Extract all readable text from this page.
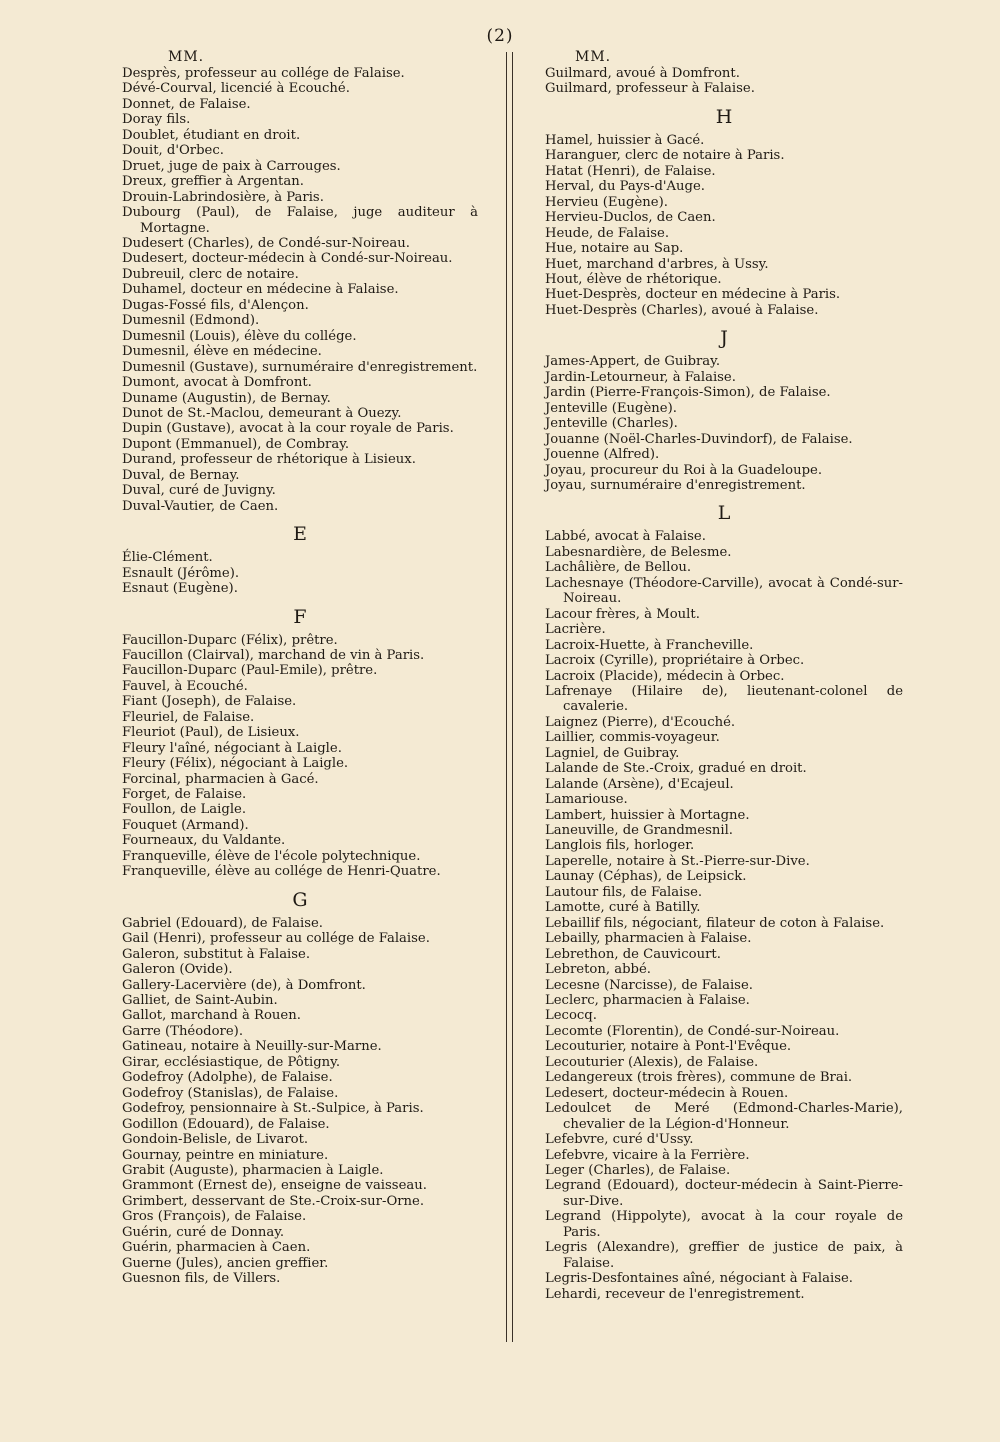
(2)
MM.
Desprès, professeur au collége de Falaise.
Dévé-Courval, licencié à Ecouché.
Donnet, de Falaise.
Doray fils.
Doublet, étudiant en droit.
Douit, d'Orbec.
Druet, juge de paix à Carrouges.
Dreux, greffier à Argentan.
Drouin-Labrindosière, à Paris.
Dubourg (Paul), de Falaise, juge auditeur à Mortagne.
Dudesert (Charles), de Condé-sur-Noireau.
Dudesert, docteur-médecin à Condé-sur-Noireau.
Dubreuil, clerc de notaire.
Duhamel, docteur en médecine à Falaise.
Dugas-Fossé fils, d'Alençon.
Dumesnil (Edmond).
Dumesnil (Louis), élève du collége.
Dumesnil, élève en médecine.
Dumesnil (Gustave), surnuméraire d'enregistrement.
Dumont, avocat à Domfront.
Duname (Augustin), de Bernay.
Dunot de St.-Maclou, demeurant à Ouezy.
Dupin (Gustave), avocat à la cour royale de Paris.
Dupont (Emmanuel), de Combray.
Durand, professeur de rhétorique à Lisieux.
Duval, de Bernay.
Duval, curé de Juvigny.
Duval-Vautier, de Caen.
E
Élie-Clément.
Esnault (Jérôme).
Esnaut (Eugène).
F
Faucillon-Duparc (Félix), prêtre.
Faucillon (Clairval), marchand de vin à Paris.
Faucillon-Duparc (Paul-Emile), prêtre.
Fauvel, à Ecouché.
Fiant (Joseph), de Falaise.
Fleuriel, de Falaise.
Fleuriot (Paul), de Lisieux.
Fleury l'aîné, négociant à Laigle.
Fleury (Félix), négociant à Laigle.
Forcinal, pharmacien à Gacé.
Forget, de Falaise.
Foullon, de Laigle.
Fouquet (Armand).
Fourneaux, du Valdante.
Franqueville, élève de l'école polytechnique.
Franqueville, élève au collége de Henri-Quatre.
G
Gabriel (Edouard), de Falaise.
Gail (Henri), professeur au collége de Falaise.
Galeron, substitut à Falaise.
Galeron (Ovide).
Gallery-Lacervière (de), à Domfront.
Galliet, de Saint-Aubin.
Gallot, marchand à Rouen.
Garre (Théodore).
Gatineau, notaire à Neuilly-sur-Marne.
Girar, ecclésiastique, de Pôtigny.
Godefroy (Adolphe), de Falaise.
Godefroy (Stanislas), de Falaise.
Godefroy, pensionnaire à St.-Sulpice, à Paris.
Godillon (Edouard), de Falaise.
Gondoin-Belisle, de Livarot.
Gournay, peintre en miniature.
Grabit (Auguste), pharmacien à Laigle.
Grammont (Ernest de), enseigne de vaisseau.
Grimbert, desservant de Ste.-Croix-sur-Orne.
Gros (François), de Falaise.
Guérin, curé de Donnay.
Guérin, pharmacien à Caen.
Guerne (Jules), ancien greffier.
Guesnon fils, de Villers.
MM.
Guilmard, avoué à Domfront.
Guilmard, professeur à Falaise.
H
Hamel, huissier à Gacé.
Haranguer, clerc de notaire à Paris.
Hatat (Henri), de Falaise.
Herval, du Pays-d'Auge.
Hervieu (Eugène).
Hervieu-Duclos, de Caen.
Heude, de Falaise.
Hue, notaire au Sap.
Huet, marchand d'arbres, à Ussy.
Hout, élève de rhétorique.
Huet-Desprès, docteur en médecine à Paris.
Huet-Desprès (Charles), avoué à Falaise.
J
James-Appert, de Guibray.
Jardin-Letourneur, à Falaise.
Jardin (Pierre-François-Simon), de Falaise.
Jenteville (Eugène).
Jenteville (Charles).
Jouanne (Noël-Charles-Duvindorf), de Falaise.
Jouenne (Alfred).
Joyau, procureur du Roi à la Guadeloupe.
Joyau, surnuméraire d'enregistrement.
L
Labbé, avocat à Falaise.
Labesnardière, de Belesme.
Lachâlière, de Bellou.
Lachesnaye (Théodore-Carville), avocat à Condé-sur-Noireau.
Lacour frères, à Moult.
Lacrière.
Lacroix-Huette, à Francheville.
Lacroix (Cyrille), propriétaire à Orbec.
Lacroix (Placide), médecin à Orbec.
Lafrenaye (Hilaire de), lieutenant-colonel de cavalerie.
Laignez (Pierre), d'Ecouché.
Laillier, commis-voyageur.
Lagniel, de Guibray.
Lalande de Ste.-Croix, gradué en droit.
Lalande (Arsène), d'Ecajeul.
Lamariouse.
Lambert, huissier à Mortagne.
Laneuville, de Grandmesnil.
Langlois fils, horloger.
Laperelle, notaire à St.-Pierre-sur-Dive.
Launay (Céphas), de Leipsick.
Lautour fils, de Falaise.
Lamotte, curé à Batilly.
Lebaillif fils, négociant, filateur de coton à Falaise.
Lebailly, pharmacien à Falaise.
Lebrethon, de Cauvicourt.
Lebreton, abbé.
Lecesne (Narcisse), de Falaise.
Leclerc, pharmacien à Falaise.
Lecocq.
Lecomte (Florentin), de Condé-sur-Noireau.
Lecouturier, notaire à Pont-l'Evêque.
Lecouturier (Alexis), de Falaise.
Ledangereux (trois frères), commune de Brai.
Ledesert, docteur-médecin à Rouen.
Ledoulcet de Meré (Edmond-Charles-Marie), chevalier de la Légion-d'Honneur.
Lefebvre, curé d'Ussy.
Lefebvre, vicaire à la Ferrière.
Leger (Charles), de Falaise.
Legrand (Edouard), docteur-médecin à Saint-Pierre-sur-Dive.
Legrand (Hippolyte), avocat à la cour royale de Paris.
Legris (Alexandre), greffier de justice de paix, à Falaise.
Legris-Desfontaines aîné, négociant à Falaise.
Lehardi, receveur de l'enregistrement.
